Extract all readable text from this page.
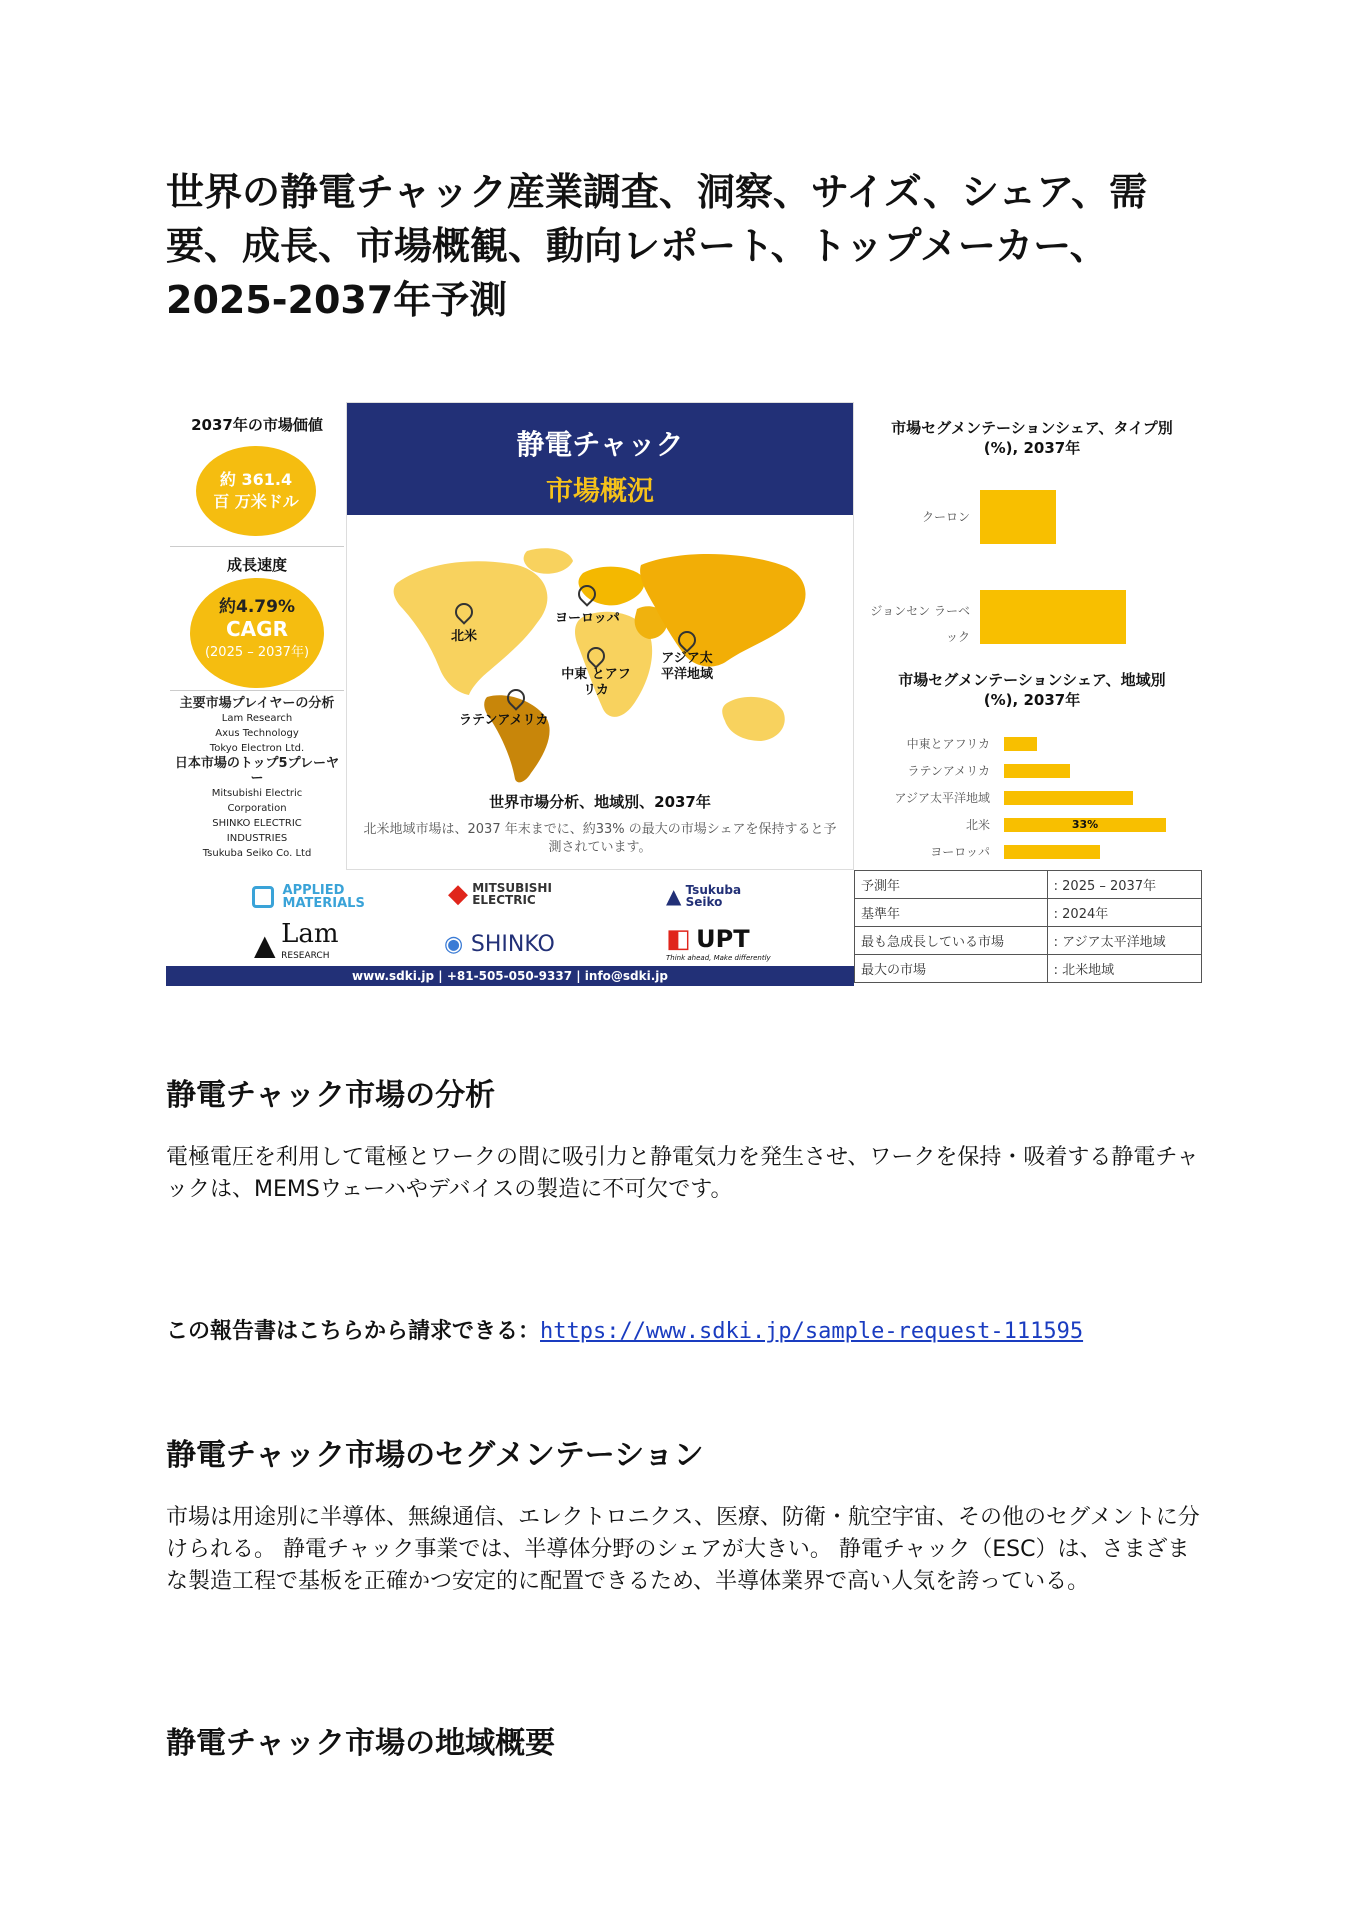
世界の静電チャック産業調査、洞察、サイズ、シェア、需要、成長、市場概観、動向レポート、トップメーカー、2025-2037年予測
2037年の市場価値
約 361.4 百 万米ドル
成長速度
約4.79%
CAGR
(2025 – 2037年)
主要市場プレイヤーの分析
Lam Research
Axus Technology
Tokyo Electron Ltd.
日本市場のトップ5プレーヤー
Mitsubishi Electric Corporation
SHINKO ELECTRIC INDUSTRIES
Tsukuba Seiko Co. Ltd
静電チャック
市場概況
北米
ヨーロッパ
中東 とアフリカ
アジア太 平洋地域
ラテンアメリカ
世界市場分析、地域別、2037年
北米地域市場は、2037 年末までに、約33% の最大の市場シェアを保持すると予測されています。
市場セグメンテーションシェア、タイプ別 (%), 2037年
クーロン
ジョンセン ラーベック
市場セグメンテーションシェア、地域別 (%), 2037年
中東とアフリカ
ラテンアメリカ
アジア太平洋地域
北米
ヨーロッパ
33%
APPLIED MATERIALS	◆ MITSUBISHI ELECTRIC	▲ Tsukuba Seiko
▲ Lam
RESEARCH	◉ SHINKO	◧ UPT
Think ahead, Make differently
www.sdki.jp | +81-505-050-9337 | info@sdki.jp
予測年	: 2025 – 2037年
基準年	: 2024年
最も急成長している市場	: アジア太平洋地域
最大の市場	: 北米地域
静電チャック市場の分析

電極電圧を利用して電極とワークの間に吸引力と静電気力を発生させ、ワークを保持・吸着する静電チャックは、MEMSウェーハやデバイスの製造に不可欠です。

この報告書はこちらから請求できる：https://www.sdki.jp/sample-request-111595
静電チャック市場のセグメンテーション

市場は用途別に半導体、無線通信、エレクトロニクス、医療、防衛・航空宇宙、その他のセグメントに分けられる。 静電チャック事業では、半導体分野のシェアが大きい。 静電チャック（ESC）は、さまざまな製造工程で基板を正確かつ安定的に配置できるため、半導体業界で高い人気を誇っている。

静電チャック市場の地域概要
